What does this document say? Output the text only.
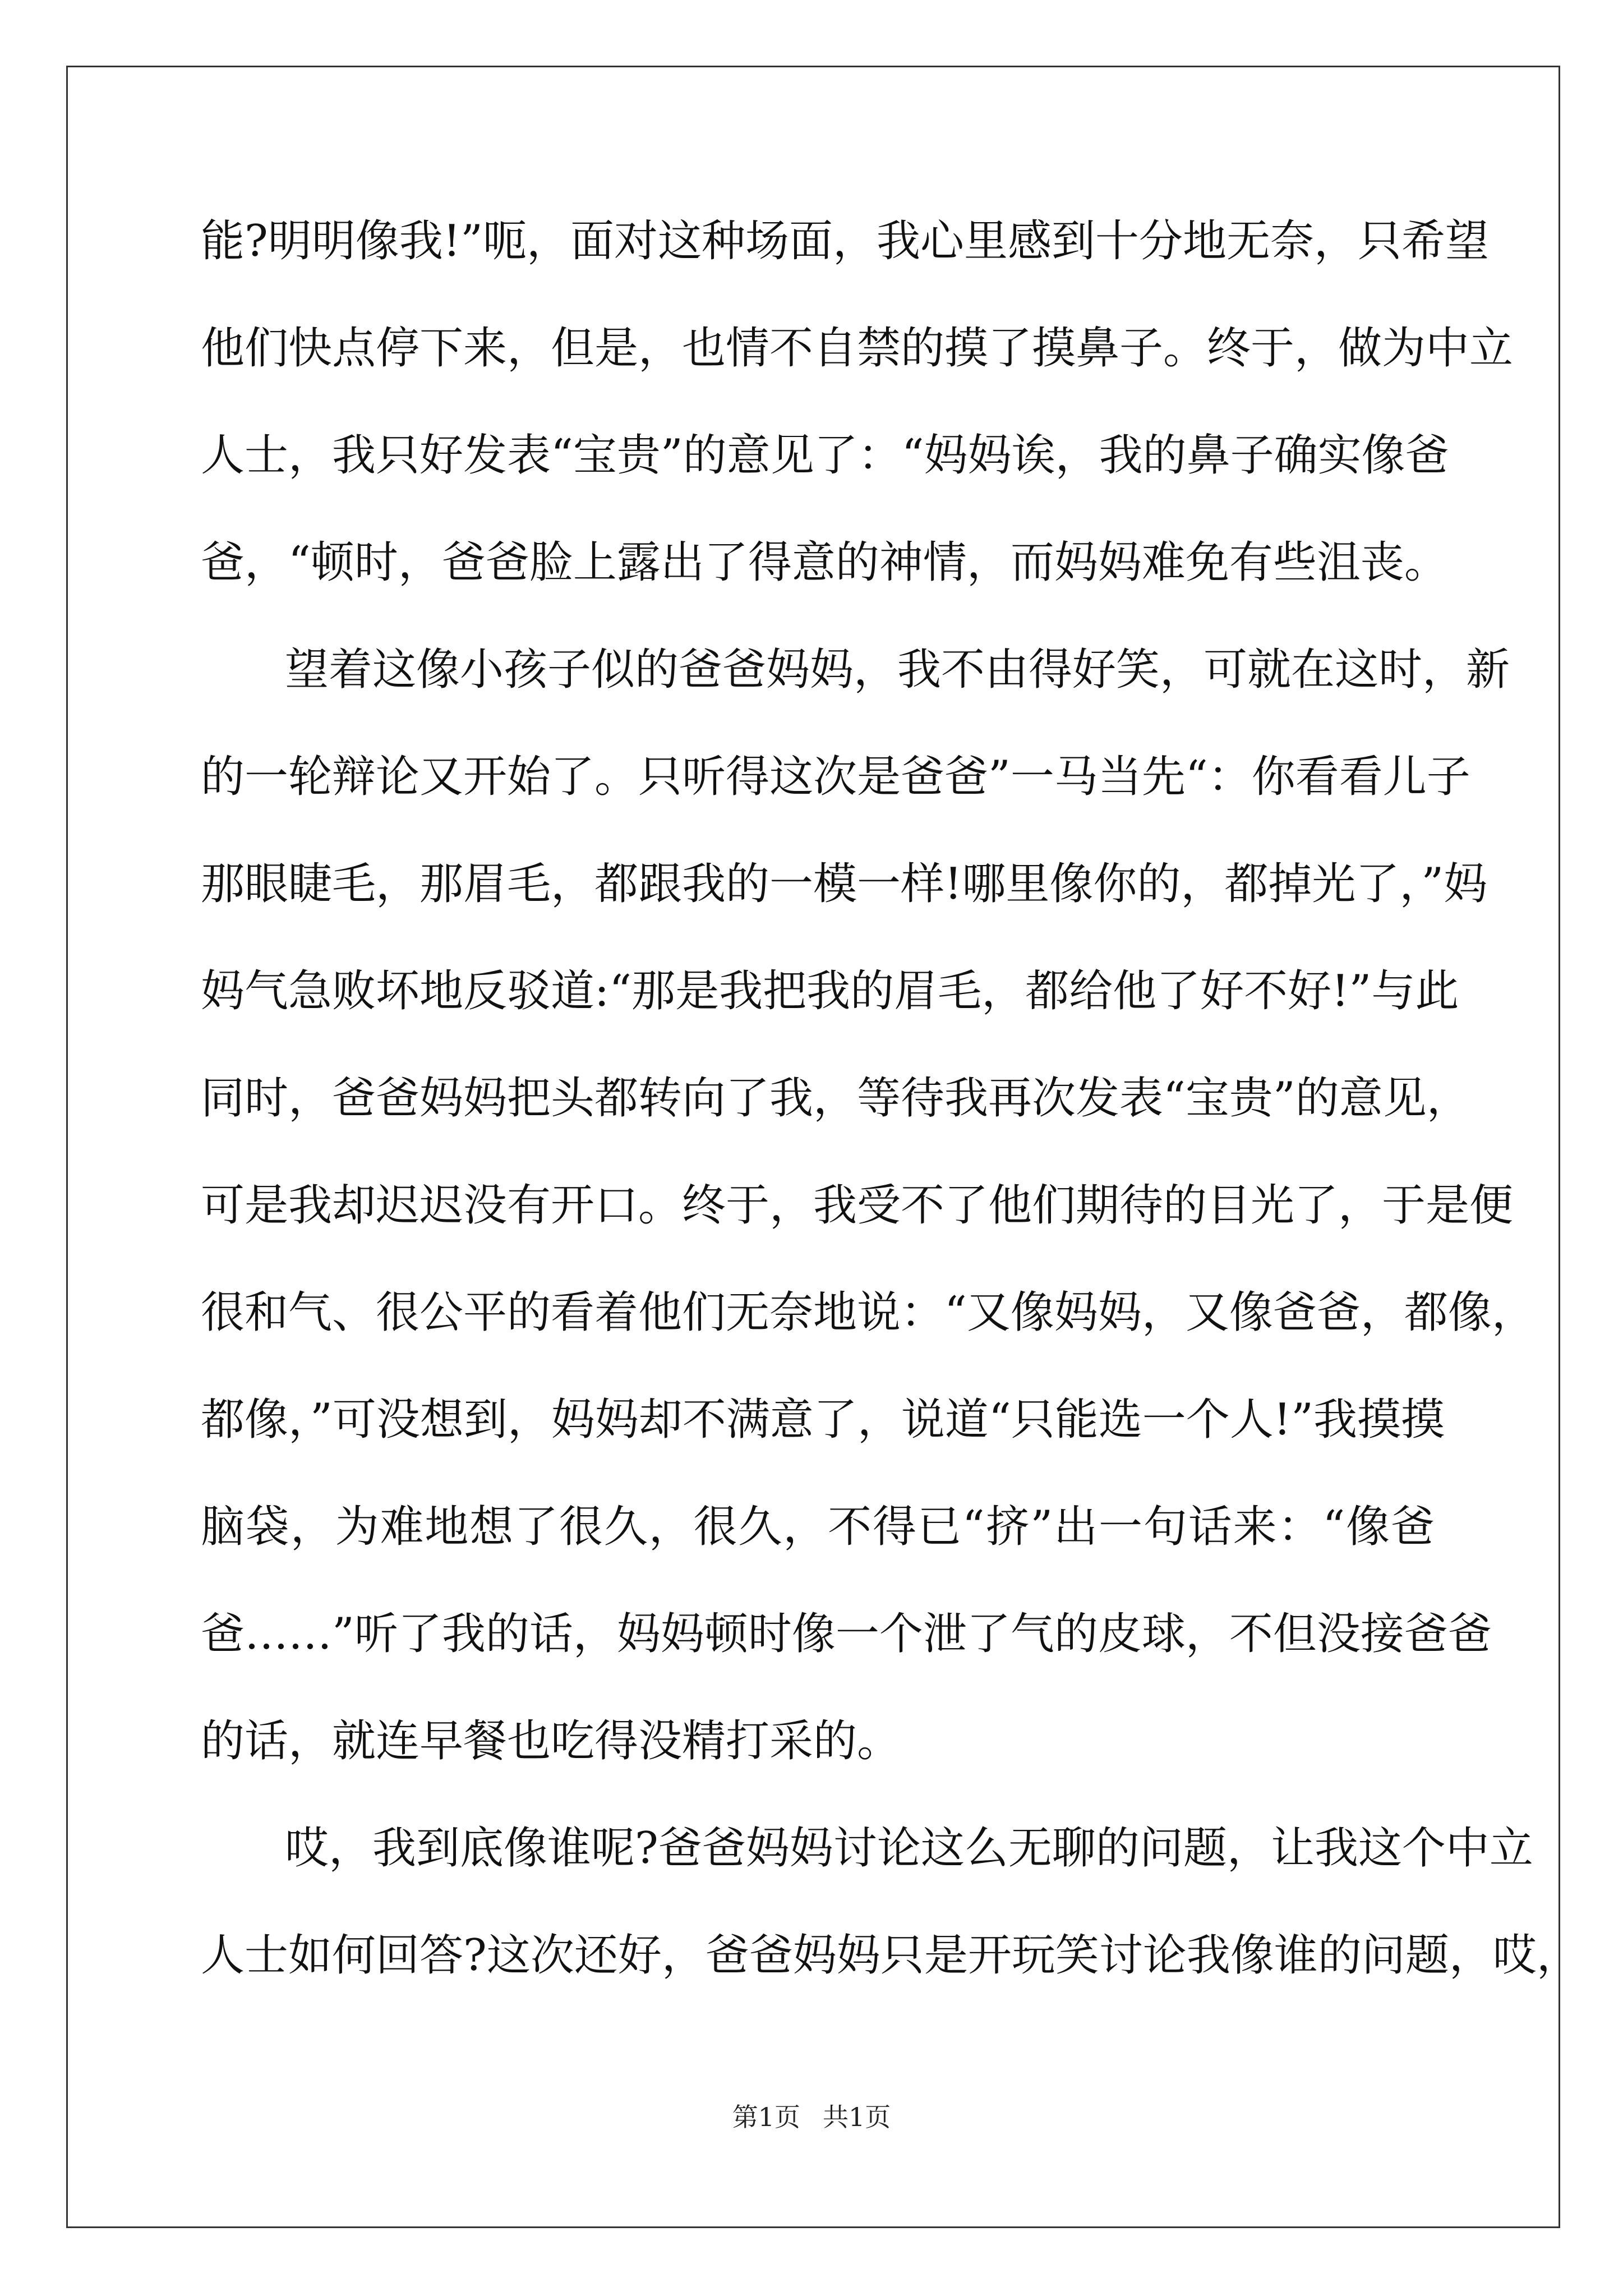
能?明明像我!”呃，面对这种场面，我心里感到十分地无奈，只希望
他们快点停下来，但是，也情不自禁的摸了摸鼻子。终于，做为中立
人士，我只好发表“宝贵”的意见了：“妈妈诶，我的鼻子确实像爸
爸，“顿时，爸爸脸上露出了得意的神情，而妈妈难免有些沮丧。
望着这像小孩子似的爸爸妈妈，我不由得好笑，可就在这时，新
的一轮辩论又开始了。只听得这次是爸爸”一马当先“：你看看儿子
那眼睫毛，那眉毛，都跟我的一模一样!哪里像你的，都掉光了，”妈
妈气急败坏地反驳道:“那是我把我的眉毛，都给他了好不好!”与此
同时，爸爸妈妈把头都转向了我，等待我再次发表“宝贵”的意见，
可是我却迟迟没有开口。终于，我受不了他们期待的目光了，于是便
很和气、很公平的看着他们无奈地说：“又像妈妈，又像爸爸，都像，
都像，”可没想到，妈妈却不满意了，说道“只能选一个人!”我摸摸
脑袋，为难地想了很久，很久，不得已“挤”出一句话来：“像爸
爸……”听了我的话，妈妈顿时像一个泄了气的皮球，不但没接爸爸
的话，就连早餐也吃得没精打采的。
哎，我到底像谁呢?爸爸妈妈讨论这么无聊的问题，让我这个中立
人士如何回答?这次还好，爸爸妈妈只是开玩笑讨论我像谁的问题，哎，
第1页 共1页
